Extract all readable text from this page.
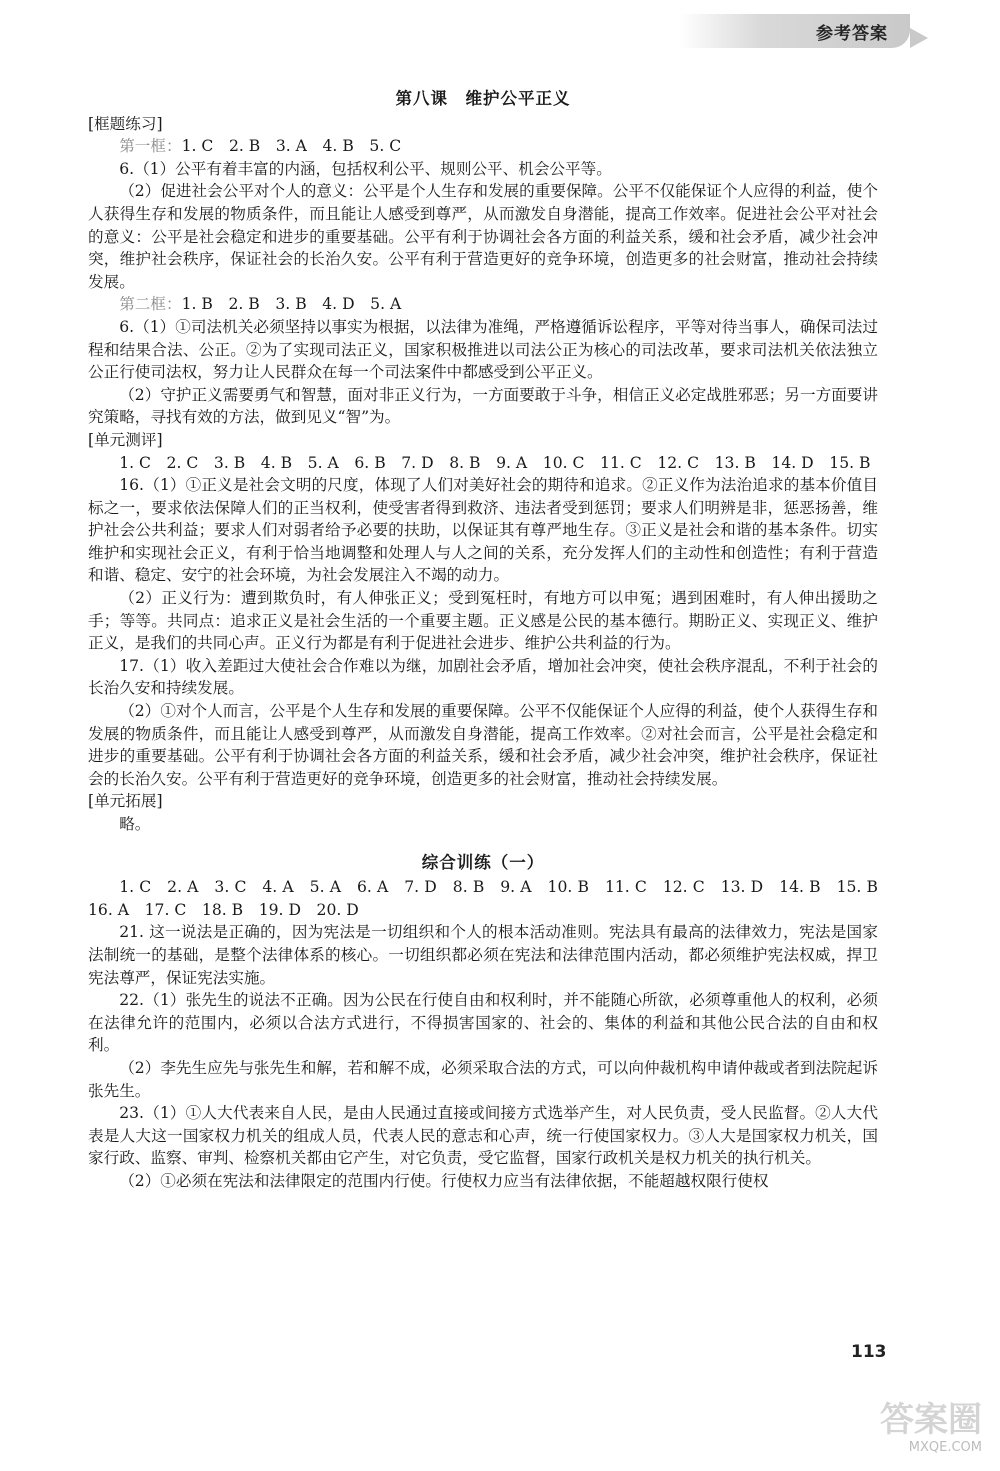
参考答案
第八课　维护公平正义

[框题练习]

第一框：1. C　2. B　3. A　4. B　5. C

6.（1）公平有着丰富的内涵，包括权利公平、规则公平、机会公平等。

（2）促进社会公平对个人的意义：公平是个人生存和发展的重要保障。公平不仅能保证个人应得的利益，使个人获得生存和发展的物质条件，而且能让人感受到尊严，从而激发自身潜能，提高工作效率。促进社会公平对社会的意义：公平是社会稳定和进步的重要基础。公平有利于协调社会各方面的利益关系，缓和社会矛盾，减少社会冲突，维护社会秩序，保证社会的长治久安。公平有利于营造更好的竞争环境，创造更多的社会财富，推动社会持续发展。

第二框：1. B　2. B　3. B　4. D　5. A

6.（1）①司法机关必须坚持以事实为根据，以法律为准绳，严格遵循诉讼程序，平等对待当事人，确保司法过程和结果合法、公正。②为了实现司法正义，国家积极推进以司法公正为核心的司法改革，要求司法机关依法独立公正行使司法权，努力让人民群众在每一个司法案件中都感受到公平正义。

（2）守护正义需要勇气和智慧，面对非正义行为，一方面要敢于斗争，相信正义必定战胜邪恶；另一方面要讲究策略，寻找有效的方法，做到见义“智”为。

[单元测评]

1. C　2. C　3. B　4. B　5. A　6. B　7. D　8. B　9. A　10. C　11. C　12. C　13. B　14. D　15. B

16.（1）①正义是社会文明的尺度，体现了人们对美好社会的期待和追求。②正义作为法治追求的基本价值目标之一，要求依法保障人们的正当权利，使受害者得到救济、违法者受到惩罚；要求人们明辨是非，惩恶扬善，维护社会公共利益；要求人们对弱者给予必要的扶助，以保证其有尊严地生存。③正义是社会和谐的基本条件。切实维护和实现社会正义，有利于恰当地调整和处理人与人之间的关系，充分发挥人们的主动性和创造性；有利于营造和谐、稳定、安宁的社会环境，为社会发展注入不竭的动力。

（2）正义行为：遭到欺负时，有人伸张正义；受到冤枉时，有地方可以申冤；遇到困难时，有人伸出援助之手；等等。共同点：追求正义是社会生活的一个重要主题。正义感是公民的基本德行。期盼正义、实现正义、维护正义，是我们的共同心声。正义行为都是有利于促进社会进步、维护公共利益的行为。

17.（1）收入差距过大使社会合作难以为继，加剧社会矛盾，增加社会冲突，使社会秩序混乱，不利于社会的长治久安和持续发展。

（2）①对个人而言，公平是个人生存和发展的重要保障。公平不仅能保证个人应得的利益，使个人获得生存和发展的物质条件，而且能让人感受到尊严，从而激发自身潜能，提高工作效率。②对社会而言，公平是社会稳定和进步的重要基础。公平有利于协调社会各方面的利益关系，缓和社会矛盾，减少社会冲突，维护社会秩序，保证社会的长治久安。公平有利于营造更好的竞争环境，创造更多的社会财富，推动社会持续发展。

[单元拓展]

略。

综合训练（一）

1. C　2. A　3. C　4. A　5. A　6. A　7. D　8. B　9. A　10. B　11. C　12. C　13. D　14. B　15. B　16. A　17. C　18. B　19. D　20. D

21. 这一说法是正确的，因为宪法是一切组织和个人的根本活动准则。宪法具有最高的法律效力，宪法是国家法制统一的基础，是整个法律体系的核心。一切组织都必须在宪法和法律范围内活动，都必须维护宪法权威，捍卫宪法尊严，保证宪法实施。

22.（1）张先生的说法不正确。因为公民在行使自由和权利时，并不能随心所欲，必须尊重他人的权利，必须在法律允许的范围内，必须以合法方式进行，不得损害国家的、社会的、集体的利益和其他公民合法的自由和权利。

（2）李先生应先与张先生和解，若和解不成，必须采取合法的方式，可以向仲裁机构申请仲裁或者到法院起诉张先生。

23.（1）①人大代表来自人民，是由人民通过直接或间接方式选举产生，对人民负责，受人民监督。②人大代表是人大这一国家权力机关的组成人员，代表人民的意志和心声，统一行使国家权力。③人大是国家权力机关，国家行政、监察、审判、检察机关都由它产生，对它负责，受它监督，国家行政机关是权力机关的执行机关。

（2）①必须在宪法和法律限定的范围内行使。行使权力应当有法律依据，不能超越权限行使权

113
答案圈
MXQE.COM
